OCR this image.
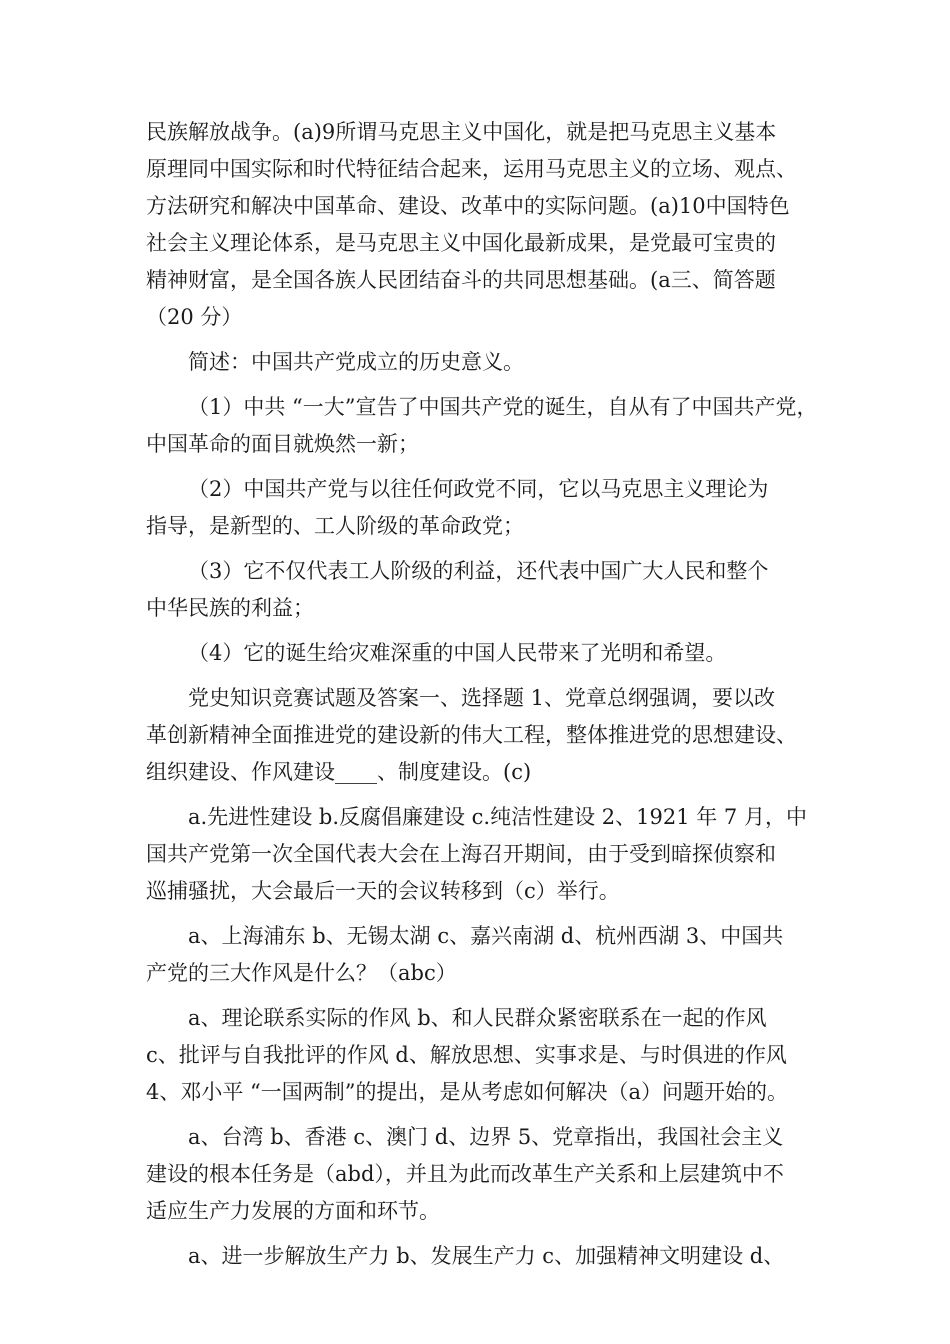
民族解放战争。(a)9所谓马克思主义中国化，就是把马克思主义基本
原理同中国实际和时代特征结合起来，运用马克思主义的立场、观点、
方法研究和解决中国革命、建设、改革中的实际问题。(a)10中国特色
社会主义理论体系，是马克思主义中国化最新成果，是党最可宝贵的
精神财富，是全国各族人民团结奋斗的共同思想基础。(a三、简答题
（20 分）
简述：中国共产党成立的历史意义。
（1）中共 “一大”宣告了中国共产党的诞生，自从有了中国共产党，
中国革命的面目就焕然一新；
（2）中国共产党与以往任何政党不同，它以马克思主义理论为
指导，是新型的、工人阶级的革命政党；
（3）它不仅代表工人阶级的利益，还代表中国广大人民和整个
中华民族的利益；
（4）它的诞生给灾难深重的中国人民带来了光明和希望。
党史知识竞赛试题及答案一、选择题 1、党章总纲强调，要以改
革创新精神全面推进党的建设新的伟大工程，整体推进党的思想建设、
组织建设、作风建设____、制度建设。(c)
a.先进性建设 b.反腐倡廉建设 c.纯洁性建设 2、1921 年 7 月，中
国共产党第一次全国代表大会在上海召开期间，由于受到暗探侦察和
巡捕骚扰，大会最后一天的会议转移到（c）举行。
a、上海浦东 b、无锡太湖 c、嘉兴南湖 d、杭州西湖 3、中国共
产党的三大作风是什么？（abc）
a、理论联系实际的作风 b、和人民群众紧密联系在一起的作风
c、批评与自我批评的作风 d、解放思想、实事求是、与时俱进的作风
4、邓小平 “一国两制”的提出，是从考虑如何解决（a）问题开始的。
a、台湾 b、香港 c、澳门 d、边界 5、党章指出，我国社会主义
建设的根本任务是（abd），并且为此而改革生产关系和上层建筑中不
适应生产力发展的方面和环节。
a、进一步解放生产力 b、发展生产力 c、加强精神文明建设 d、
